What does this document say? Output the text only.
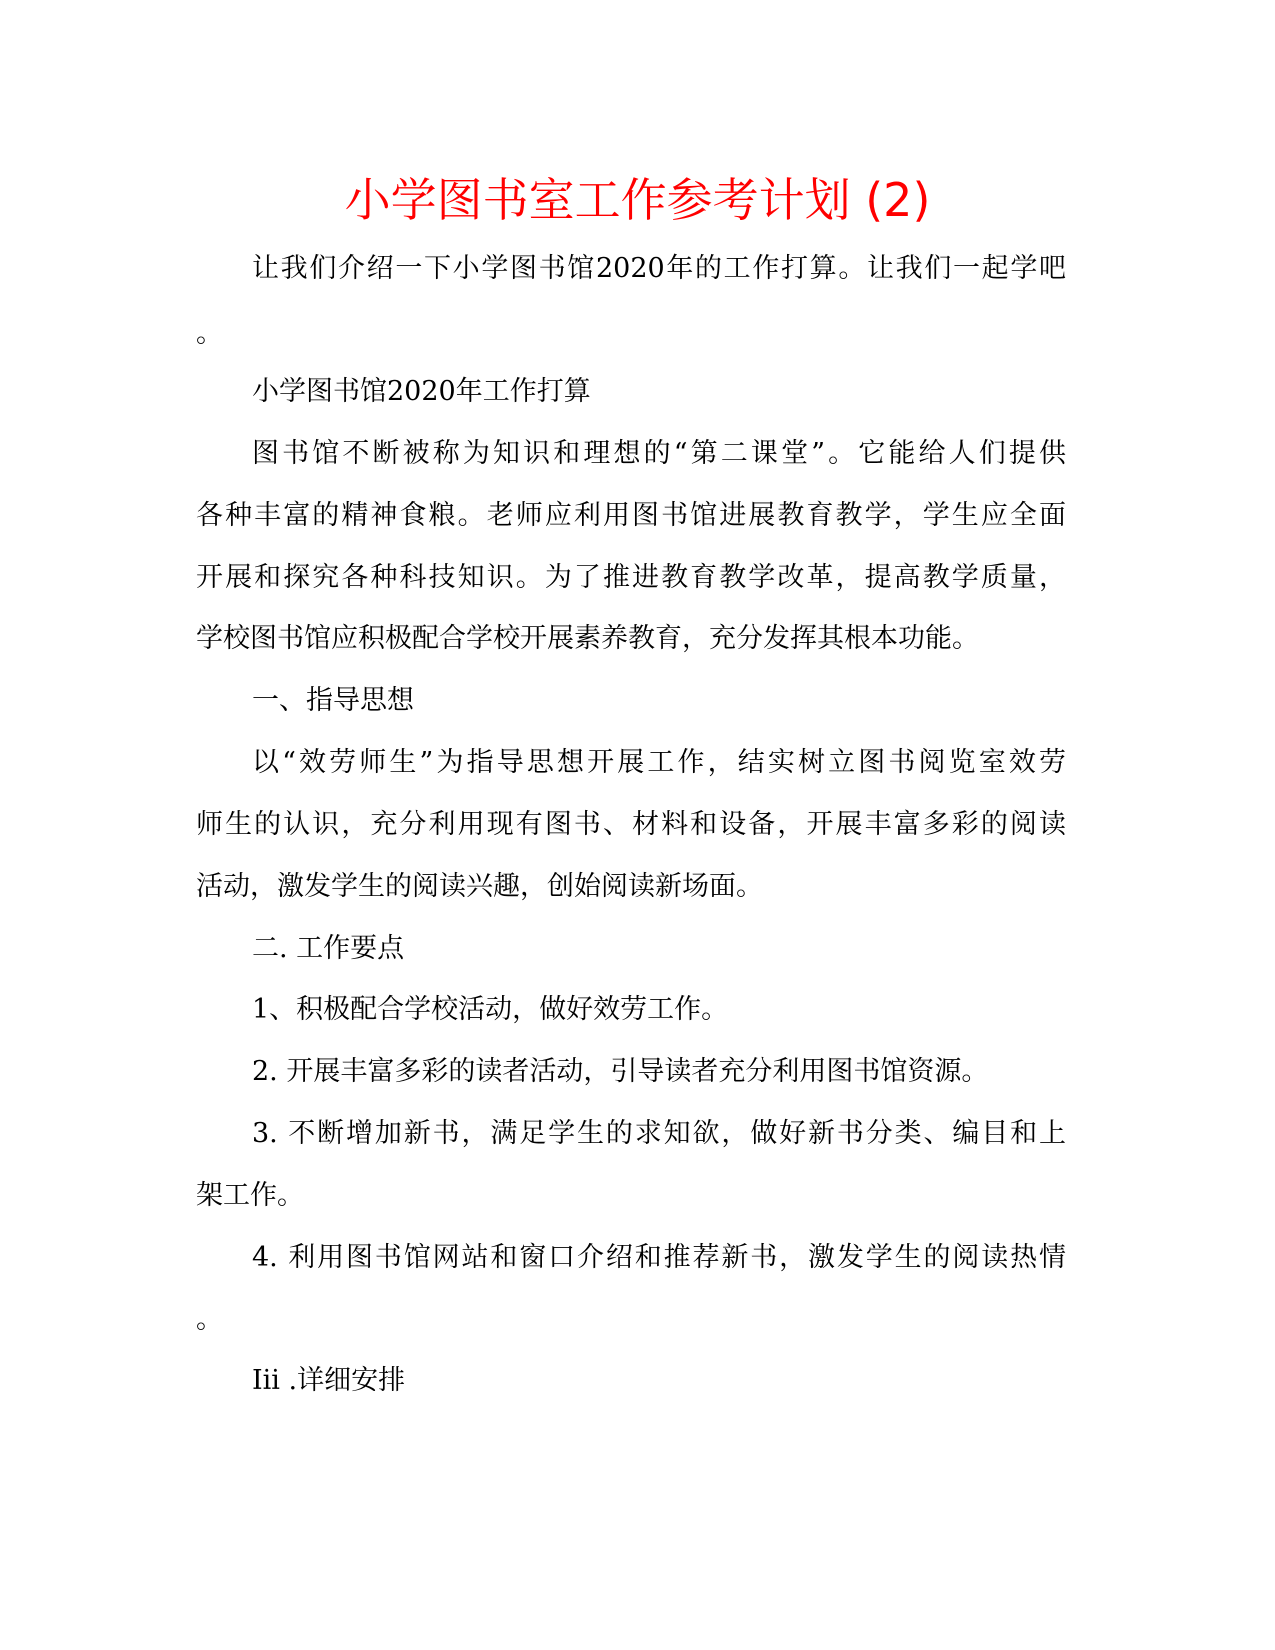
小学图书室工作参考计划 (2)
让我们介绍一下小学图书馆2020年的工作打算。让我们一起学吧
。
小学图书馆2020年工作打算
图书馆不断被称为知识和理想的“第二课堂”。它能给人们提供
各种丰富的精神食粮。老师应利用图书馆进展教育教学，学生应全面
开展和探究各种科技知识。为了推进教育教学改革，提高教学质量，
学校图书馆应积极配合学校开展素养教育，充分发挥其根本功能。
一、指导思想
以“效劳师生”为指导思想开展工作，结实树立图书阅览室效劳
师生的认识，充分利用现有图书、材料和设备，开展丰富多彩的阅读
活动，激发学生的阅读兴趣，创始阅读新场面。
二. 工作要点
1、积极配合学校活动，做好效劳工作。
2. 开展丰富多彩的读者活动，引导读者充分利用图书馆资源。
3. 不断增加新书，满足学生的求知欲，做好新书分类、编目和上
架工作。
4. 利用图书馆网站和窗口介绍和推荐新书，激发学生的阅读热情
。
Iii .详细安排
